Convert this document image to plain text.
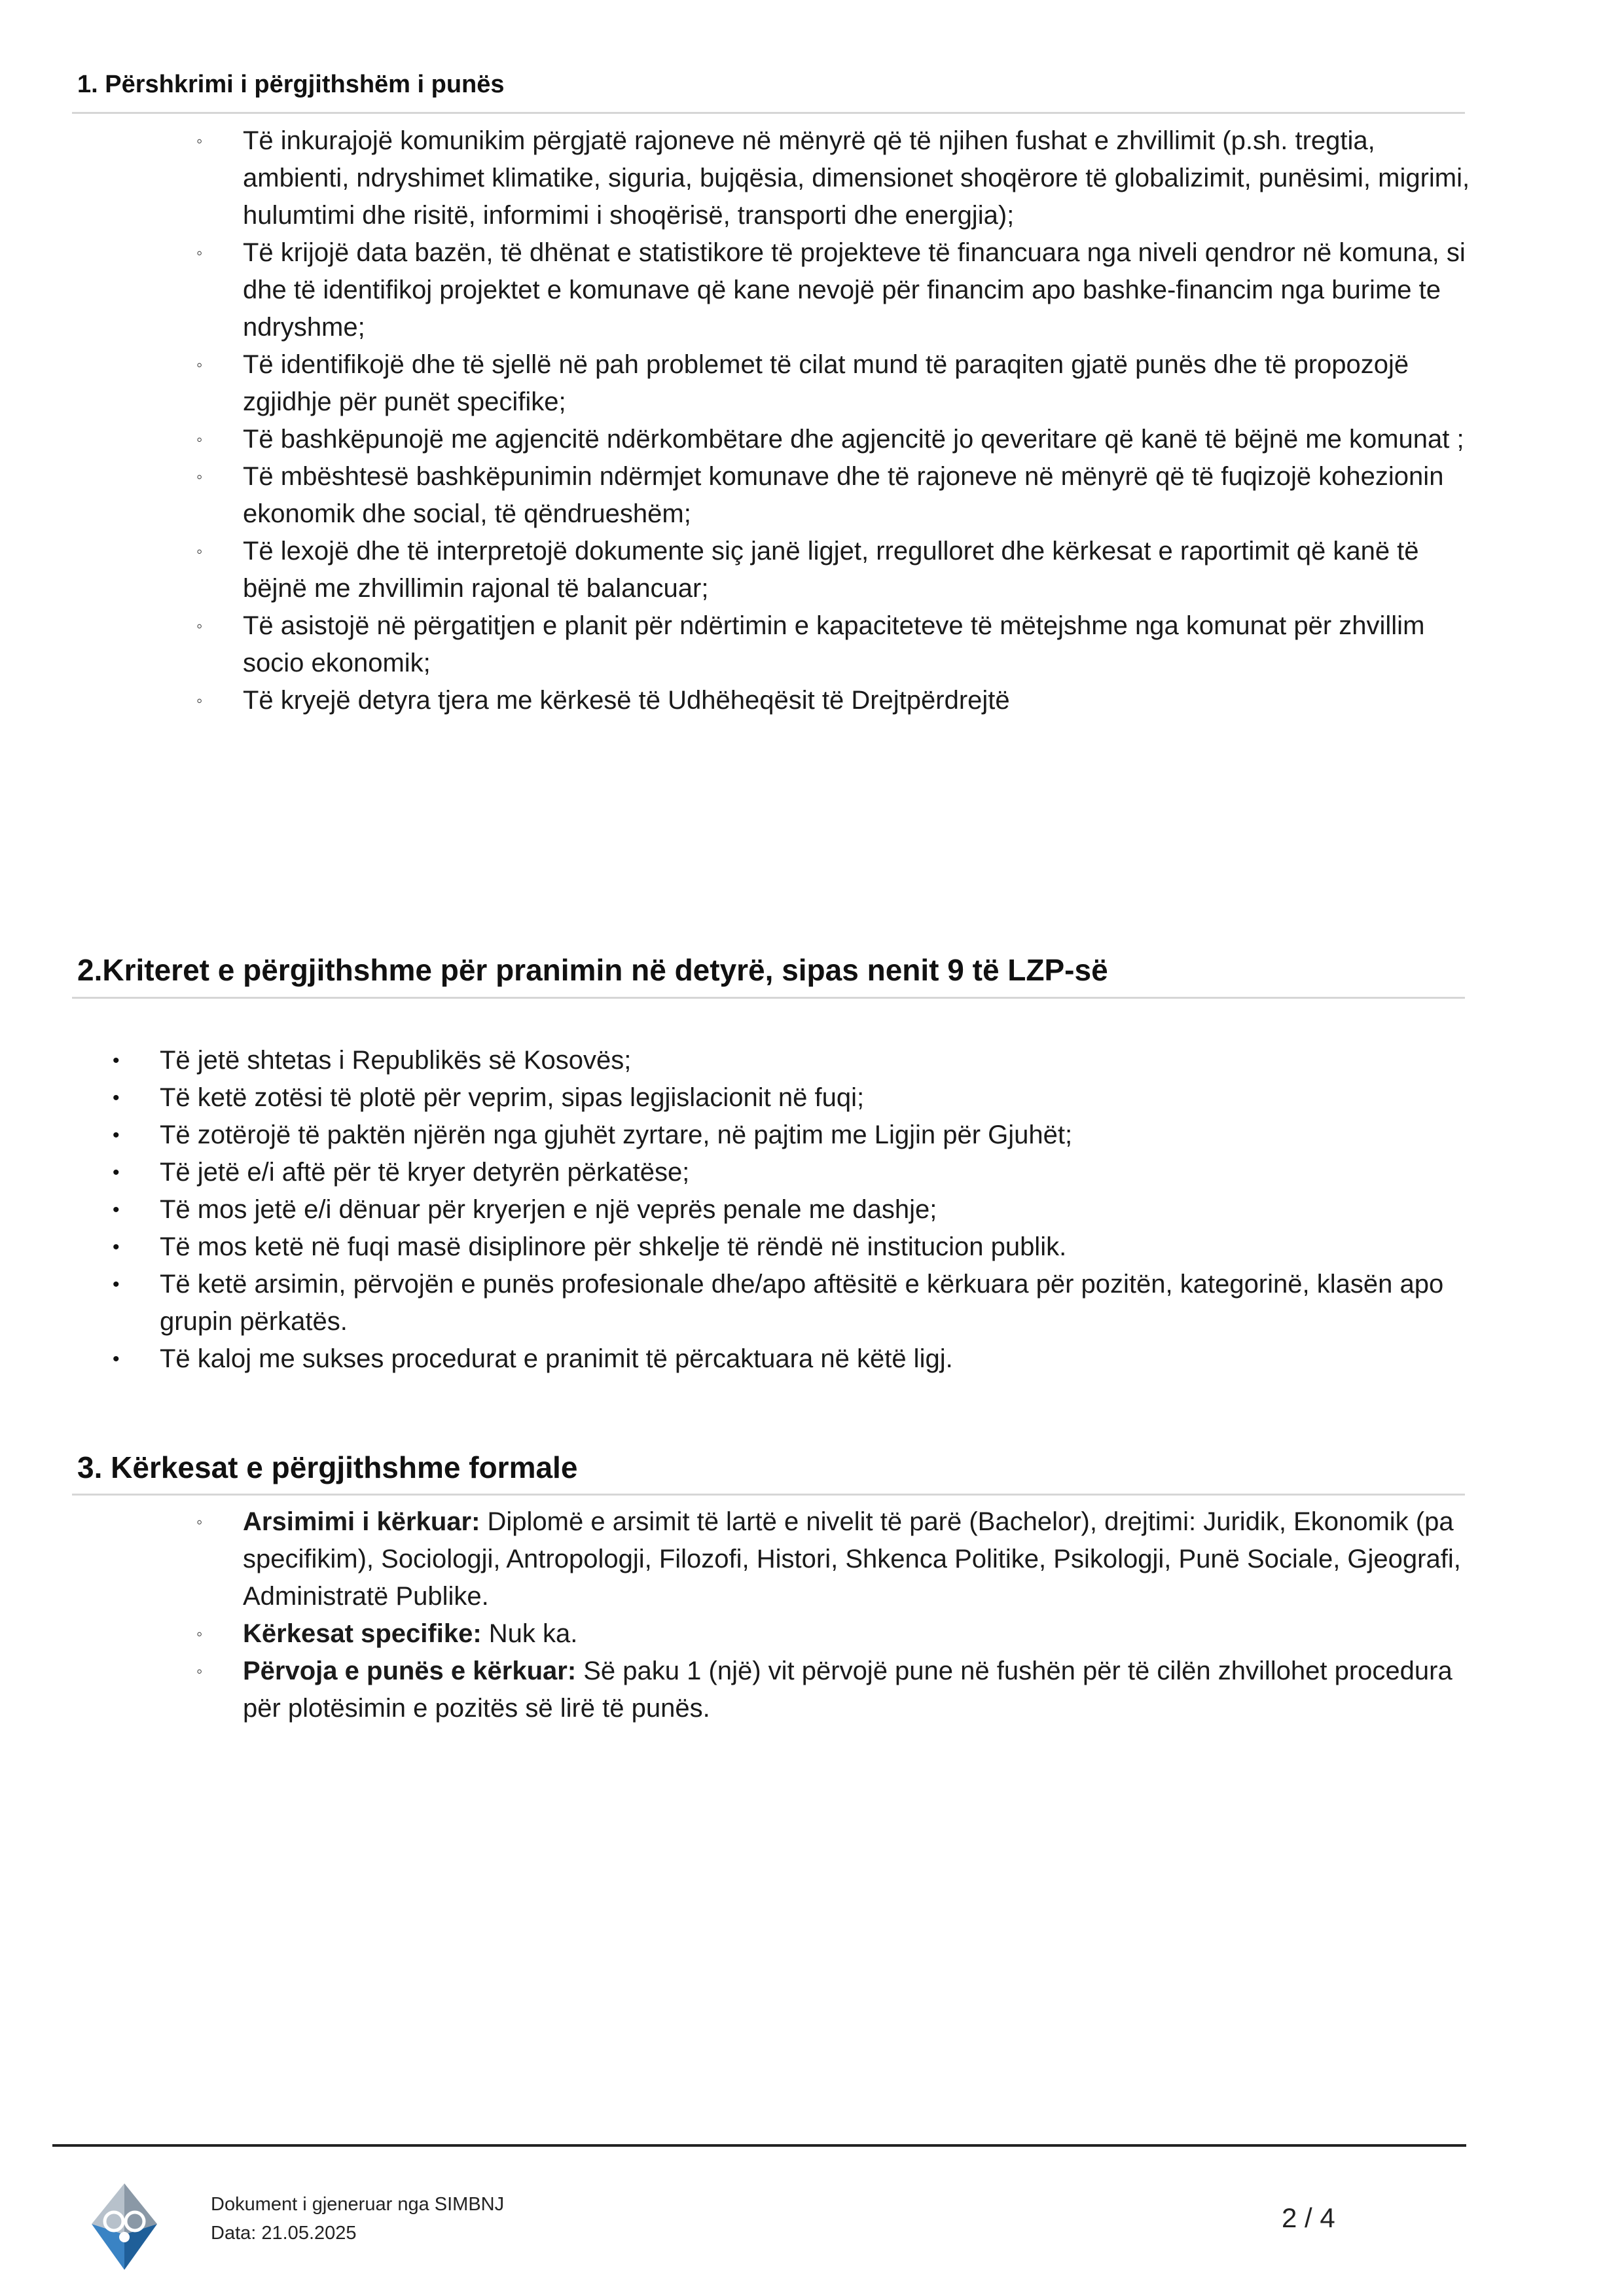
1. Përshkrimi i përgjithshëm i punës
◦ Të inkurajojë komunikim përgjatë rajoneve në mënyrë që të njihen fushat e zhvillimit (p.sh. tregtia, ambienti, ndryshimet klimatike, siguria, bujqësia, dimensionet shoqërore të globalizimit, punësimi, migrimi, hulumtimi dhe risitë, informimi i shoqërisë, transporti dhe energjia);
◦ Të krijojë data bazën, të dhënat e statistikore të projekteve të financuara nga niveli qendror në komuna, si dhe të identifikoj projektet e komunave që kane nevojë për financim apo bashke-financim nga burime te ndryshme;
◦ Të identifikojë dhe të sjellë në pah problemet të cilat mund të paraqiten gjatë punës dhe të propozojë zgjidhje për punët specifike;
◦ Të bashkëpunojë me agjencitë ndërkombëtare dhe agjencitë jo qeveritare që kanë të bëjnë me komunat ;
◦ Të mbështesë bashkëpunimin ndërmjet komunave dhe të rajoneve në mënyrë që të fuqizojë kohezionin ekonomik dhe social, të qëndrueshëm;
◦ Të lexojë dhe të interpretojë dokumente siç janë ligjet, rregulloret dhe kërkesat e raportimit që kanë të bëjnë me zhvillimin rajonal të balancuar;
◦ Të asistojë në përgatitjen e planit për ndërtimin e kapaciteteve të mëtejshme nga komunat për zhvillim socio ekonomik;
◦ Të kryejë detyra tjera me kërkesë të Udhëheqësit të Drejtpërdrejtë
2.Kriteret e përgjithshme për pranimin në detyrë, sipas nenit 9 të LZP-së
• Të jetë shtetas i Republikës së Kosovës;
• Të ketë zotësi të plotë për veprim, sipas legjislacionit në fuqi;
• Të zotërojë të paktën njërën nga gjuhët zyrtare, në pajtim me Ligjin për Gjuhët;
• Të jetë e/i aftë për të kryer detyrën përkatëse;
• Të mos jetë e/i dënuar për kryerjen e një veprës penale me dashje;
• Të mos ketë në fuqi masë disiplinore për shkelje të rëndë në institucion publik.
• Të ketë arsimin, përvojën e punës profesionale dhe/apo aftësitë e kërkuara për pozitën, kategorinë, klasën apo grupin përkatës.
• Të kaloj me sukses procedurat e pranimit të përcaktuara në këtë ligj.
3. Kërkesat e përgjithshme formale
◦ Arsimimi i kërkuar: Diplomë e arsimit të lartë e nivelit të parë (Bachelor), drejtimi: Juridik, Ekonomik (pa specifikim), Sociologji, Antropologji, Filozofi, Histori, Shkenca Politike, Psikologji, Punë Sociale, Gjeografi, Administratë Publike.
◦ Kërkesat specifike: Nuk ka.
◦ Përvoja e punës e kërkuar: Së paku 1 (një) vit përvojë pune në fushën për të cilën zhvillohet procedura për plotësimin e pozitës së lirë të punës.
Dokument i gjeneruar nga SIMBNJ
Data: 21.05.2025	2 / 4
